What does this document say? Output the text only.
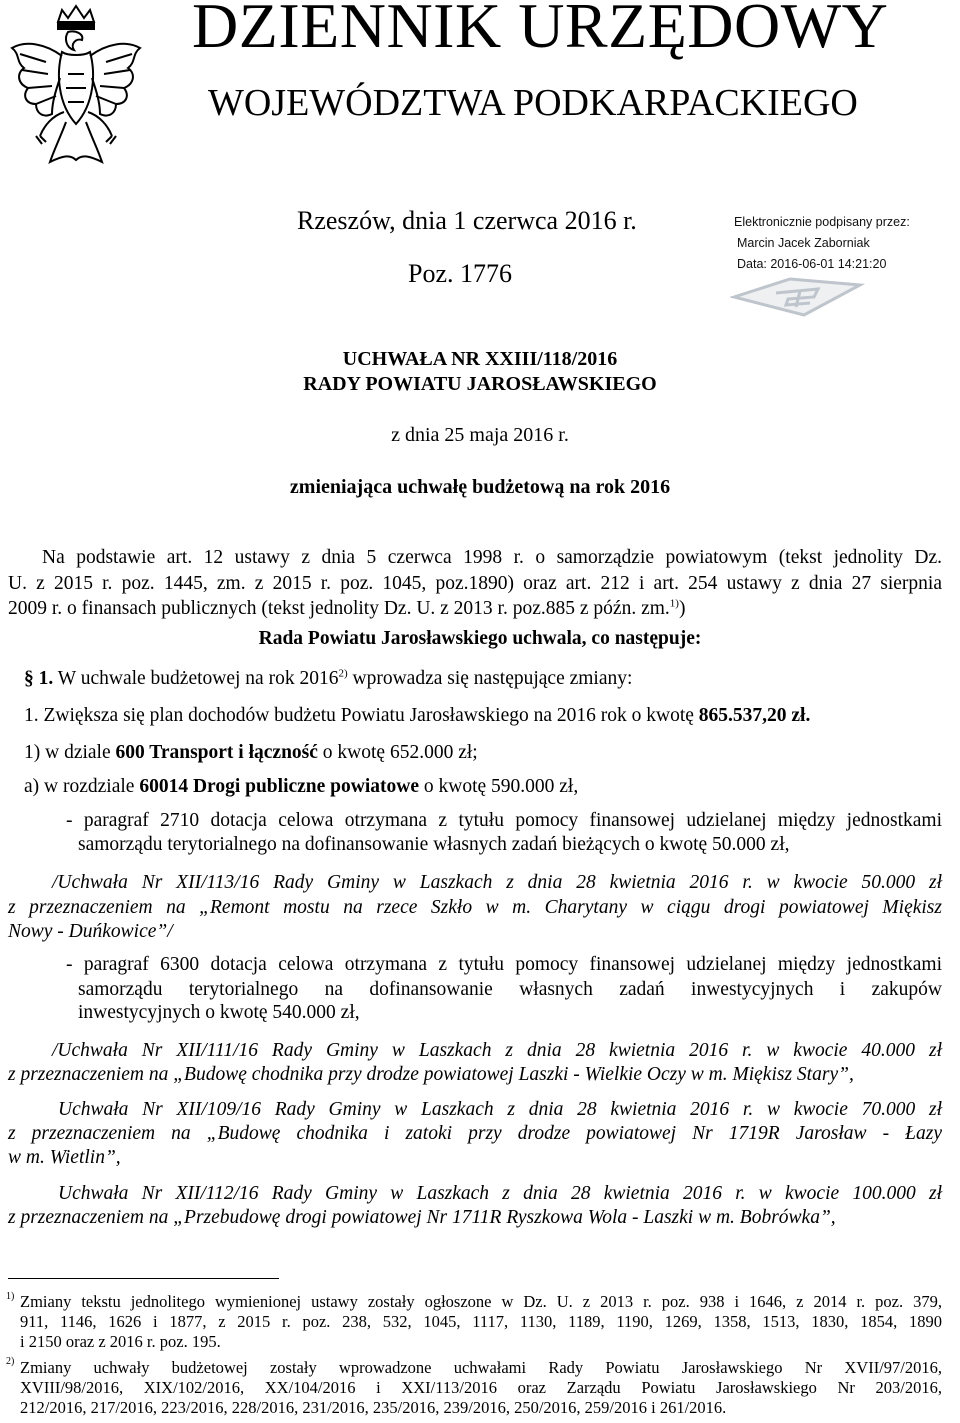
DZIENNIK URZĘDOWY
WOJEWÓDZTWA PODKARPACKIEGO
Rzeszów, dnia 1 czerwca 2016 r.
Poz. 1776
Elektronicznie podpisany przez:
Marcin Jacek Zaborniak
Data: 2016-06-01 14:21:20
UCHWAŁA NR XXIII/118/2016
RADY POWIATU JAROSŁAWSKIEGO
z dnia 25 maja 2016 r.
zmieniająca uchwałę budżetową na rok 2016
Na podstawie art. 12 ustawy z dnia 5 czerwca 1998 r. o samorządzie powiatowym (tekst jednolity Dz.
U. z 2015 r. poz. 1445, zm. z 2015 r. poz. 1045, poz.1890) oraz art. 212 i art. 254 ustawy z dnia 27 sierpnia
2009 r. o finansach publicznych (tekst jednolity Dz. U. z 2013 r. poz.885 z późn. zm.$^{1)}$)
Rada Powiatu Jarosławskiego uchwala, co następuje:
§ 1. W uchwale budżetowej na rok 2016$^{2)}$ wprowadza się następujące zmiany:
1. Zwiększa się plan dochodów budżetu Powiatu Jarosławskiego na 2016 rok o kwotę 865.537,20 zł.
1) w dziale 600 Transport i łączność o kwotę 652.000 zł;
a) w rozdziale 60014 Drogi publiczne powiatowe o kwotę 590.000 zł,
- paragraf 2710 dotacja celowa otrzymana z tytułu pomocy finansowej udzielanej między jednostkami
samorządu terytorialnego na dofinansowanie własnych zadań bieżących o kwotę 50.000 zł,
/Uchwała Nr XII/113/16 Rady Gminy w Laszkach z dnia 28 kwietnia 2016 r. w kwocie 50.000 zł
z przeznaczeniem na „Remont mostu na rzece Szkło w m. Charytany w ciągu drogi powiatowej Miękisz
Nowy - Duńkowice”/
- paragraf 6300 dotacja celowa otrzymana z tytułu pomocy finansowej udzielanej między jednostkami
samorządu terytorialnego na dofinansowanie własnych zadań inwestycyjnych i zakupów
inwestycyjnych o kwotę 540.000 zł,
/Uchwała Nr XII/111/16 Rady Gminy w Laszkach z dnia 28 kwietnia 2016 r. w kwocie 40.000 zł
z przeznaczeniem na „Budowę chodnika przy drodze powiatowej Laszki - Wielkie Oczy w m. Miękisz Stary”,
Uchwała Nr XII/109/16 Rady Gminy w Laszkach z dnia 28 kwietnia 2016 r. w kwocie 70.000 zł
z przeznaczeniem na „Budowę chodnika i zatoki przy drodze powiatowej Nr 1719R Jarosław - Łazy
w m. Wietlin”,
Uchwała Nr XII/112/16 Rady Gminy w Laszkach z dnia 28 kwietnia 2016 r. w kwocie 100.000 zł
z przeznaczeniem na „Przebudowę drogi powiatowej Nr 1711R Ryszkowa Wola - Laszki w m. Bobrówka”,
1) Zmiany tekstu jednolitego wymienionej ustawy zostały ogłoszone w Dz. U. z 2013 r. poz. 938 i 1646, z 2014 r. poz. 379,
911, 1146, 1626 i 1877, z 2015 r. poz. 238, 532, 1045, 1117, 1130, 1189, 1190, 1269, 1358, 1513, 1830, 1854, 1890
i 2150 oraz z 2016 r. poz. 195.
2) Zmiany uchwały budżetowej zostały wprowadzone uchwałami Rady Powiatu Jarosławskiego Nr XVII/97/2016,
XVIII/98/2016, XIX/102/2016, XX/104/2016 i XXI/113/2016 oraz Zarządu Powiatu Jarosławskiego Nr 203/2016,
212/2016, 217/2016, 223/2016, 228/2016, 231/2016, 235/2016, 239/2016, 250/2016, 259/2016 i 261/2016.
